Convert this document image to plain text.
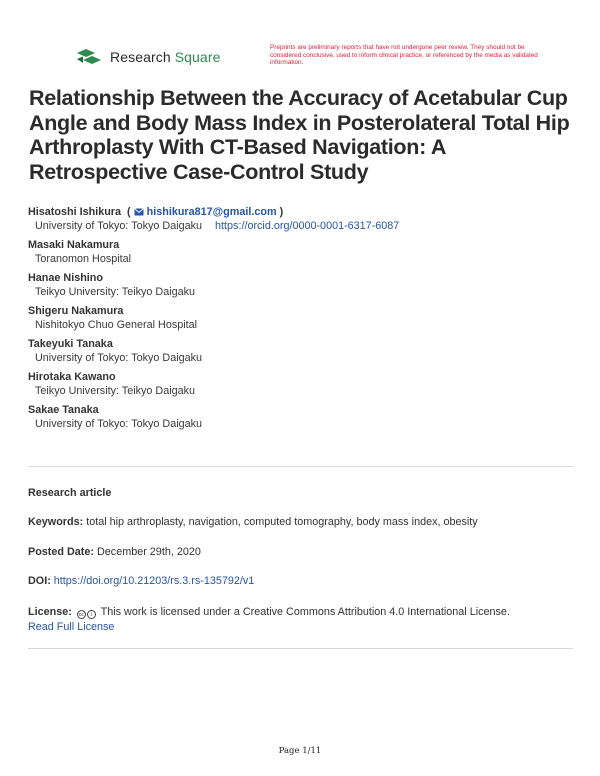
Research Square
Preprints are preliminary reports that have not undergone peer review. They should not be considered conclusive, used to inform clinical practice, or referenced by the media as validated information.
Relationship Between the Accuracy of Acetabular Cup Angle and Body Mass Index in Posterolateral Total Hip Arthroplasty With CT-Based Navigation: A Retrospective Case-Control Study
Hisatoshi Ishikura  ( hishikura817@gmail.com )
University of Tokyo: Tokyo Daigaku https://orcid.org/0000-0001-6317-6087
Masaki Nakamura
Toranomon Hospital
Hanae Nishino
Teikyo University: Teikyo Daigaku
Shigeru Nakamura
Nishitokyo Chuo General Hospital
Takeyuki Tanaka
University of Tokyo: Tokyo Daigaku
Hirotaka Kawano
Teikyo University: Teikyo Daigaku
Sakae Tanaka
University of Tokyo: Tokyo Daigaku
Research article
Keywords: total hip arthroplasty, navigation, computed tomography, body mass index, obesity
Posted Date: December 29th, 2020
DOI: https://doi.org/10.21203/rs.3.rs-135792/v1
License:	cc	i This work is licensed under a Creative Commons Attribution 4.0 International License.
Read Full License
Page 1/11
